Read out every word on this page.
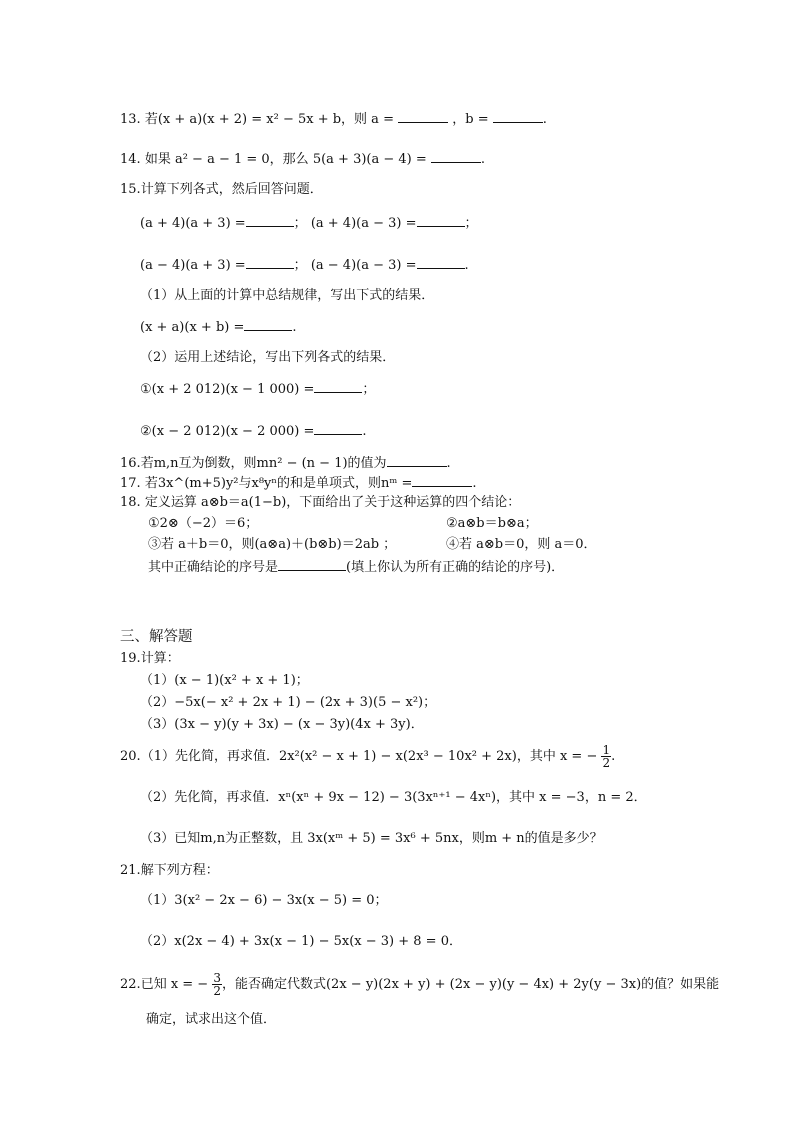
13. 若(x + a)(x + 2) = x² − 5x + b，则 a =	，b =	.
14. 如果 a² − a − 1 = 0，那么 5(a + 3)(a − 4) =	.
15.计算下列各式，然后回答问题．
(a + 4)(a + 3) =	； (a + 4)(a − 3) =	；
(a − 4)(a + 3) =	； (a − 4)(a − 3) =	.
（1）从上面的计算中总结规律，写出下式的结果．
(x + a)(x + b) =	.
（2）运用上述结论，写出下列各式的结果．
①(x + 2 012)(x − 1 000) =	；
②(x − 2 012)(x − 2 000) =	.
16.若m,n互为倒数，则mn² − (n − 1)的值为	.
17. 若3x^(m+5)y²与x⁸yⁿ的和是单项式，则nᵐ =	.
18. 定义运算 a⊗b＝a(1−b)，下面给出了关于这种运算的四个结论：
①2⊗（−2）＝6；	②a⊗b＝b⊗a；
③若 a＋b＝0，则(a⊗a)＋(b⊗b)＝2ab ；	④若 a⊗b＝0，则 a＝0．
其中正确结论的序号是	(填上你认为所有正确的结论的序号)．
三、解答题
19.计算：
（1）(x − 1)(x² + x + 1)；
（2）−5x(− x² + 2x + 1) − (2x + 3)(5 − x²)；
（3）(3x − y)(y + 3x) − (x − 3y)(4x + 3y)．
20.（1）先化简，再求值．2x²(x² − x + 1) − x(2x³ − 10x² + 2x)，其中 x = − $\frac{1}{2}$ .
（2）先化简，再求值．xⁿ(xⁿ + 9x − 12) − 3(3xⁿ⁺¹ − 4xⁿ)，其中 x = −3，n = 2．
（3）已知m,n为正整数，且 3x(xᵐ + 5) = 3x⁶ + 5nx，则m + n的值是多少？
21.解下列方程：
（1）3(x² − 2x − 6) − 3x(x − 5) = 0；
（2）x(2x − 4) + 3x(x − 1) − 5x(x − 3) + 8 = 0．
22.已知 x = − $\frac{3}{2}$ ，能否确定代数式(2x − y)(2x + y) + (2x − y)(y − 4x) + 2y(y − 3x)的值？如果能
确定，试求出这个值．
